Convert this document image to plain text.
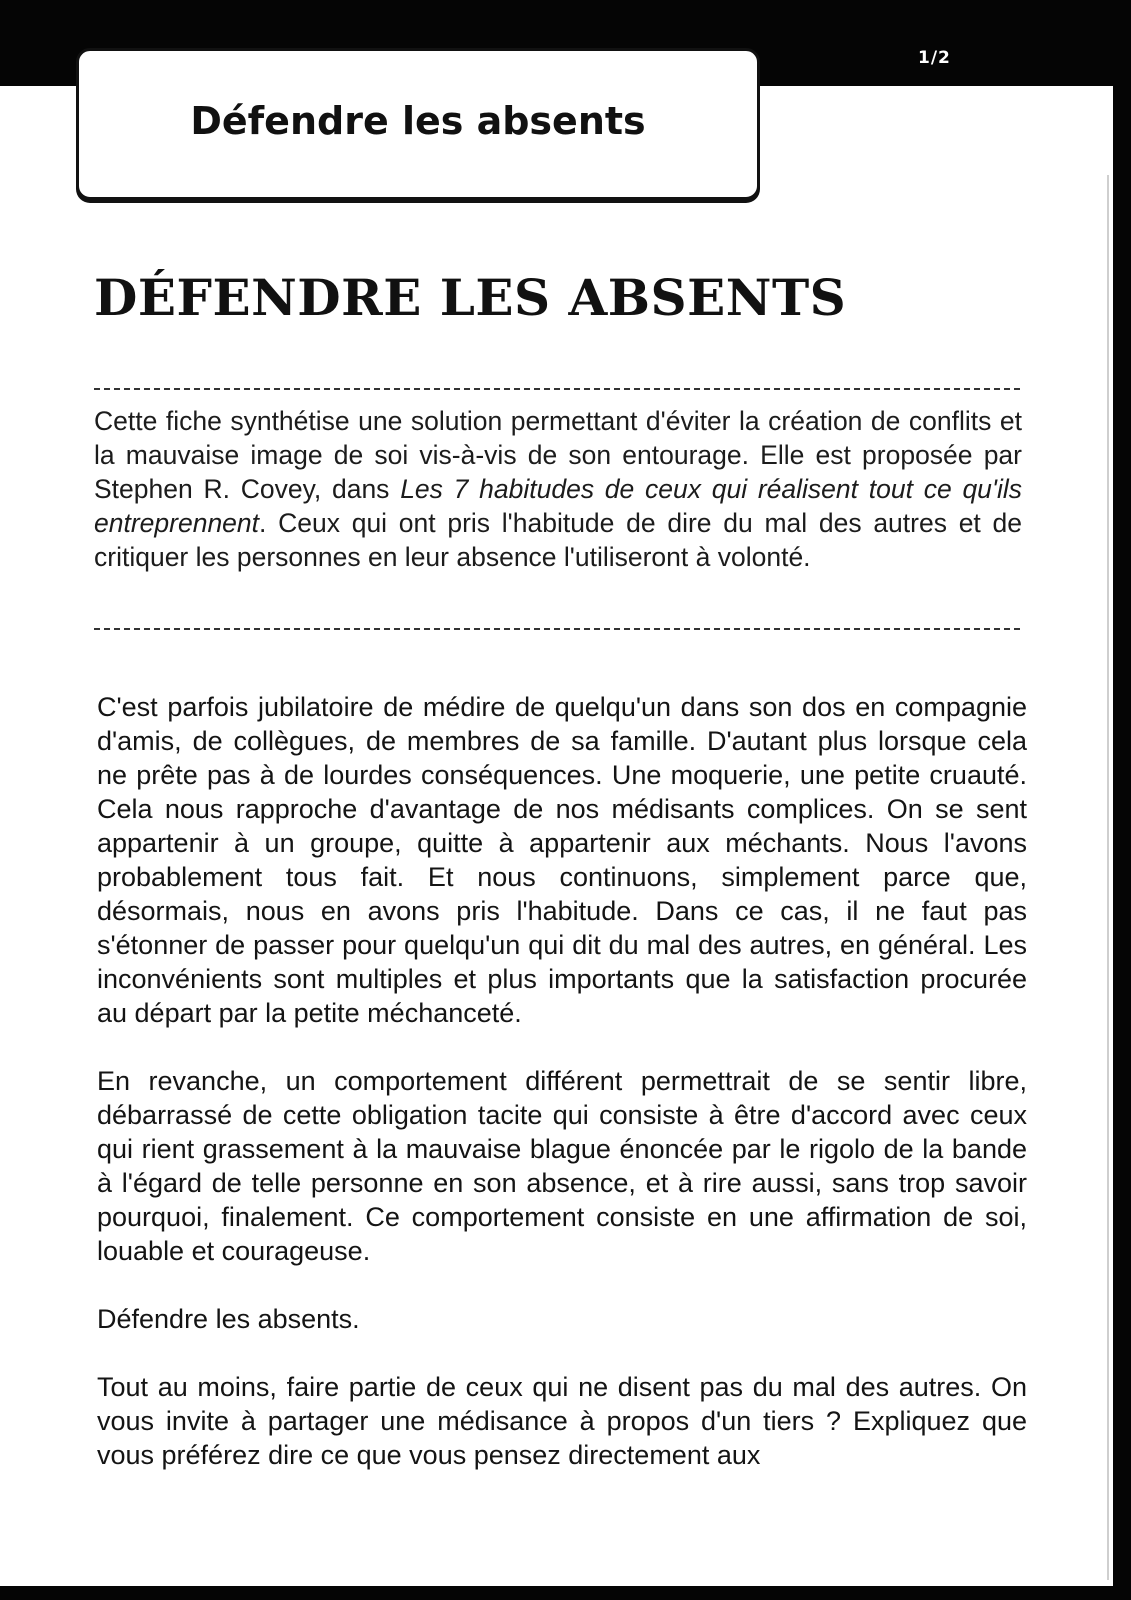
1/2
Défendre les absents
DÉFENDRE LES ABSENTS

Cette fiche synthétise une solution permettant d'éviter la création de conflits et la mauvaise image de soi vis-à-vis de son entourage. Elle est proposée par Stephen R. Covey, dans Les 7 habitudes de ceux qui réalisent tout ce qu'ils entreprennent. Ceux qui ont pris l'habitude de dire du mal des autres et de critiquer les personnes en leur absence l'utiliseront à volonté.

C'est parfois jubilatoire de médire de quelqu'un dans son dos en compagnie d'amis, de collègues, de membres de sa famille. D'autant plus lorsque cela ne prête pas à de lourdes conséquences. Une moquerie, une petite cruauté. Cela nous rapproche d'avantage de nos médisants complices. On se sent appartenir à un groupe, quitte à appartenir aux méchants. Nous l'avons probablement tous fait. Et nous continuons, simplement parce que, désormais, nous en avons pris l'habitude. Dans ce cas, il ne faut pas s'étonner de passer pour quelqu'un qui dit du mal des autres, en général. Les inconvénients sont multiples et plus importants que la satisfaction procurée au départ par la petite méchanceté.

En revanche, un comportement différent permettrait de se sentir libre, débarrassé de cette obligation tacite qui consiste à être d'accord avec ceux qui rient grassement à la mauvaise blague énoncée par le rigolo de la bande à l'égard de telle personne en son absence, et à rire aussi, sans trop savoir pourquoi, finalement. Ce comportement consiste en une affirmation de soi, louable et courageuse.

Défendre les absents.

Tout au moins, faire partie de ceux qui ne disent pas du mal des autres. On vous invite à partager une médisance à propos d'un tiers ? Expliquez que vous préférez dire ce que vous pensez directement aux
